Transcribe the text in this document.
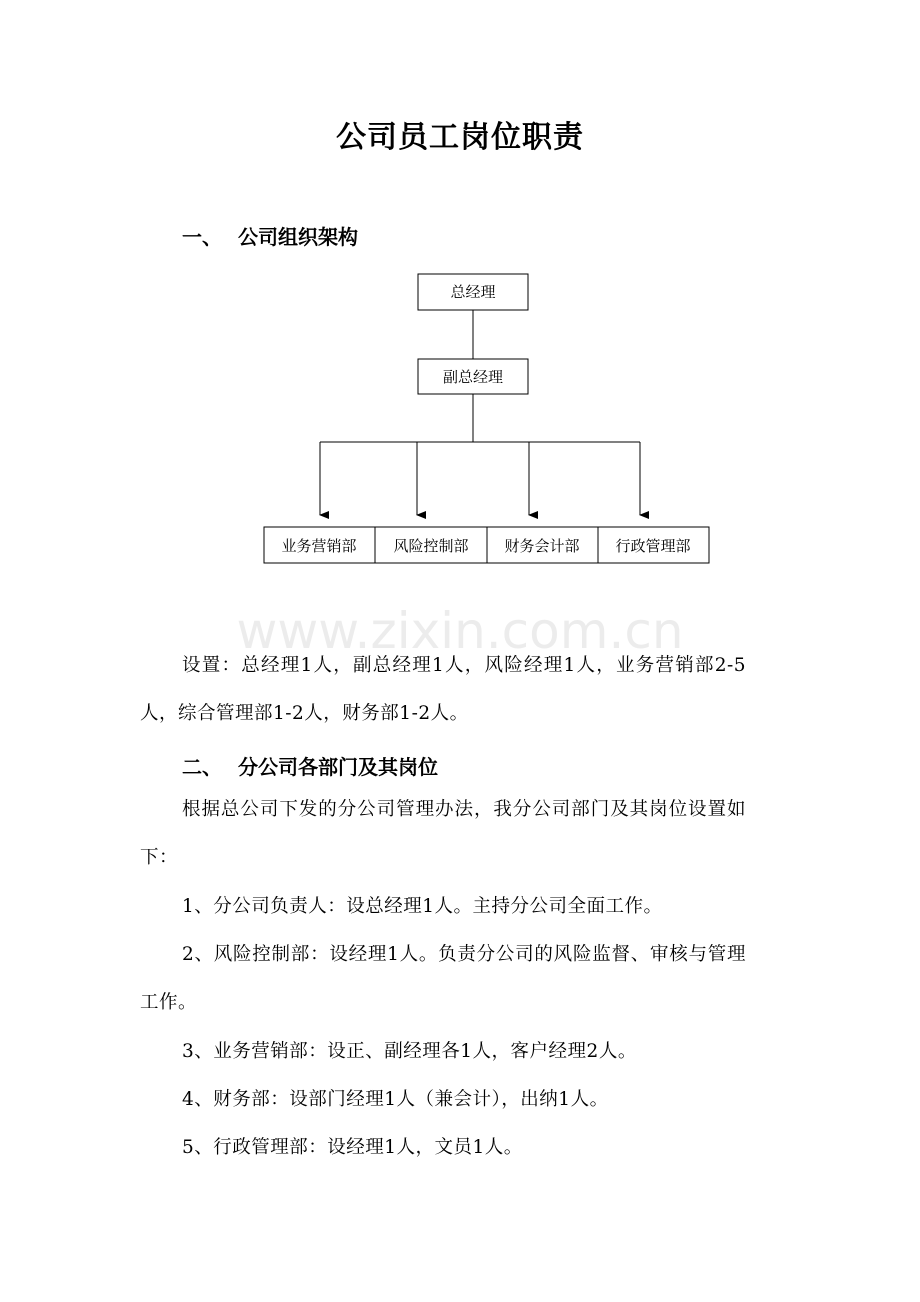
公司员工岗位职责
一、 公司组织架构
总经理
副总经理
业务营销部 风险控制部 财务会计部 行政管理部
www.zixin.com.cn

设置：总经理1人，副总经理1人，风险经理1人，业务营销部2-5人，综合管理部1-2人，财务部1-2人。

二、 分公司各部门及其岗位

根据总公司下发的分公司管理办法，我分公司部门及其岗位设置如下：

1、分公司负责人：设总经理1人。主持分公司全面工作。

2、风险控制部：设经理1人。负责分公司的风险监督、审核与管理工作。

3、业务营销部：设正、副经理各1人，客户经理2人。

4、财务部：设部门经理1人（兼会计），出纳1人。

5、行政管理部：设经理1人，文员1人。
